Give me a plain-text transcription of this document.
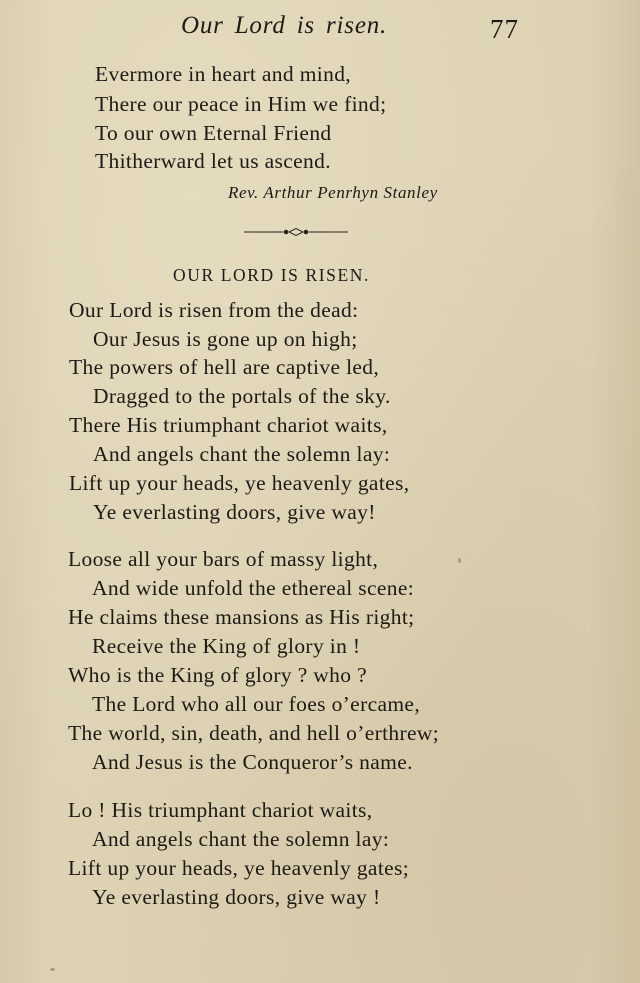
Our Lord is risen.	77
Evermore in heart and mind,
There our peace in Him we find;
To our own Eternal Friend
Thitherward let us ascend.
Rev. Arthur Penrhyn Stanley
OUR LORD IS RISEN.
Our Lord is risen from the dead:
Our Jesus is gone up on high;
The powers of hell are captive led,
Dragged to the portals of the sky.
There His triumphant chariot waits,
And angels chant the solemn lay:
Lift up your heads, ye heavenly gates,
Ye everlasting doors, give way!
Loose all your bars of massy light,
And wide unfold the ethereal scene:
He claims these mansions as His right;
Receive the King of glory in !
Who is the King of glory ? who ?
The Lord who all our foes o’ercame,
The world, sin, death, and hell o’erthrew;
And Jesus is the Conqueror’s name.
Lo ! His triumphant chariot waits,
And angels chant the solemn lay:
Lift up your heads, ye heavenly gates;
Ye everlasting doors, give way !
